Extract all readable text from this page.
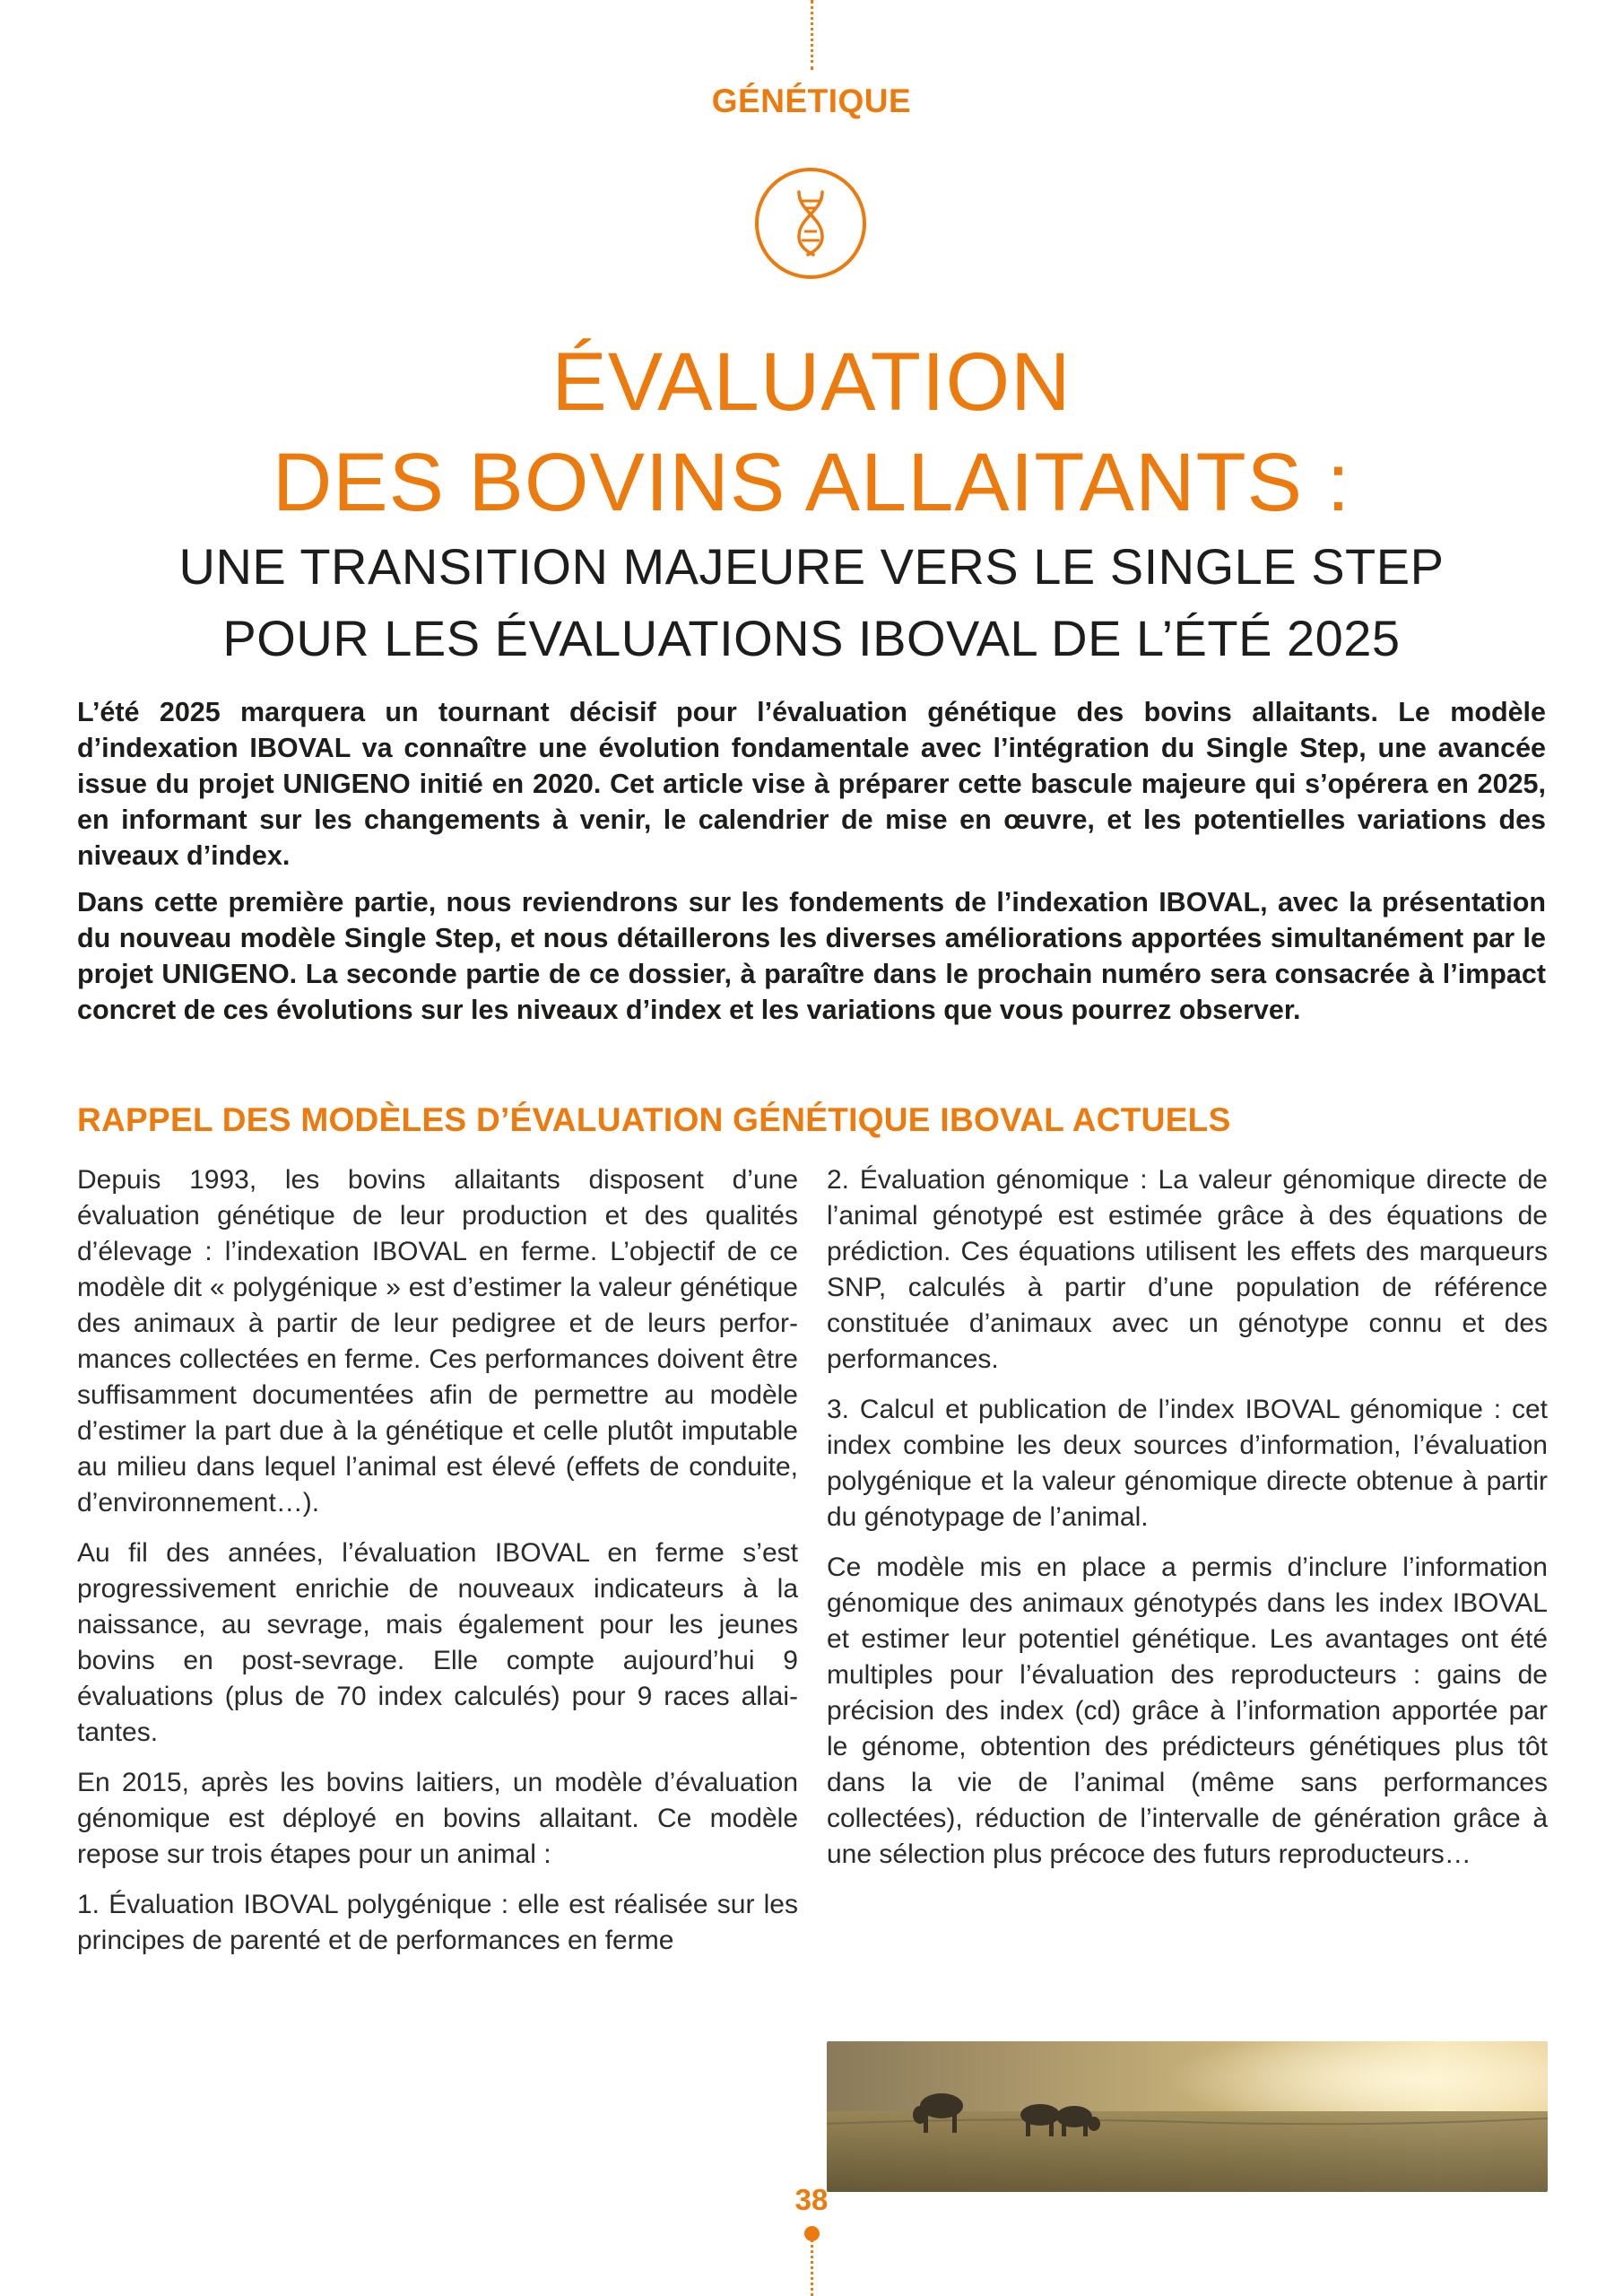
GÉNÉTIQUE
ÉVALUATION
DES BOVINS ALLAITANTS :
UNE TRANSITION MAJEURE VERS LE SINGLE STEP
POUR LES ÉVALUATIONS IBOVAL DE L’ÉTÉ 2025

L’été 2025 marquera un tournant décisif pour l’évaluation génétique des bovins allaitants. Le modèle d’indexation IBOVAL va connaître une évolution fondamentale avec l’intégration du Single Step, une avancée issue du projet UNIGENO initié en 2020. Cet article vise à préparer cette bascule majeure qui s’opérera en 2025, en informant sur les changements à venir, le calendrier de mise en œuvre, et les potentielles variations des niveaux d’index.

Dans cette première partie, nous reviendrons sur les fondements de l’indexation IBOVAL, avec la présentation du nouveau modèle Single Step, et nous détaillerons les diverses améliorations apportées simultanément par le projet UNIGENO. La seconde partie de ce dossier, à paraître dans le prochain numéro sera consacrée à l’impact concret de ces évolutions sur les niveaux d’index et les variations que vous pourrez observer.

RAPPEL DES MODÈLES D’ÉVALUATION GÉNÉTIQUE IBOVAL ACTUELS

Depuis 1993, les bovins allaitants disposent d’une évaluation génétique de leur production et des qualités d’élevage : l’indexation IBOVAL en ferme. L’objectif de ce modèle dit « polygénique » est d’estimer la valeur génétique des animaux à partir de leur pedigree et de leurs performances collectées en ferme. Ces performances doivent être suffisamment documentées afin de permettre au modèle d’estimer la part due à la génétique et celle plutôt imputable au milieu dans lequel l’animal est élevé (effets de conduite, d’environnement…).

Au fil des années, l’évaluation IBOVAL en ferme s’est progressivement enrichie de nouveaux indicateurs à la naissance, au sevrage, mais également pour les jeunes bovins en post-sevrage. Elle compte aujourd’hui 9 évaluations (plus de 70 index calculés) pour 9 races allaitantes.

En 2015, après les bovins laitiers, un modèle d’évaluation génomique est déployé en bovins allaitant. Ce modèle repose sur trois étapes pour un animal :

1. Évaluation IBOVAL polygénique : elle est réalisée sur les principes de parenté et de performances en ferme

2. Évaluation génomique : La valeur génomique directe de l’animal génotypé est estimée grâce à des équations de prédiction. Ces équations utilisent les effets des marqueurs SNP, calculés à partir d’une population de référence constituée d’animaux avec un génotype connu et des performances.

3. Calcul et publication de l’index IBOVAL génomique : cet index combine les deux sources d’information, l’évaluation polygénique et la valeur génomique directe obtenue à partir du génotypage de l’animal.

Ce modèle mis en place a permis d’inclure l’information génomique des animaux génotypés dans les index IBOVAL et estimer leur potentiel génétique. Les avantages ont été multiples pour l’évaluation des reproducteurs : gains de précision des index (cd) grâce à l’information apportée par le génome, obtention des prédicteurs génétiques plus tôt dans la vie de l’animal (même sans performances collectées), réduction de l’intervalle de génération grâce à une sélection plus précoce des futurs reproducteurs…

38
